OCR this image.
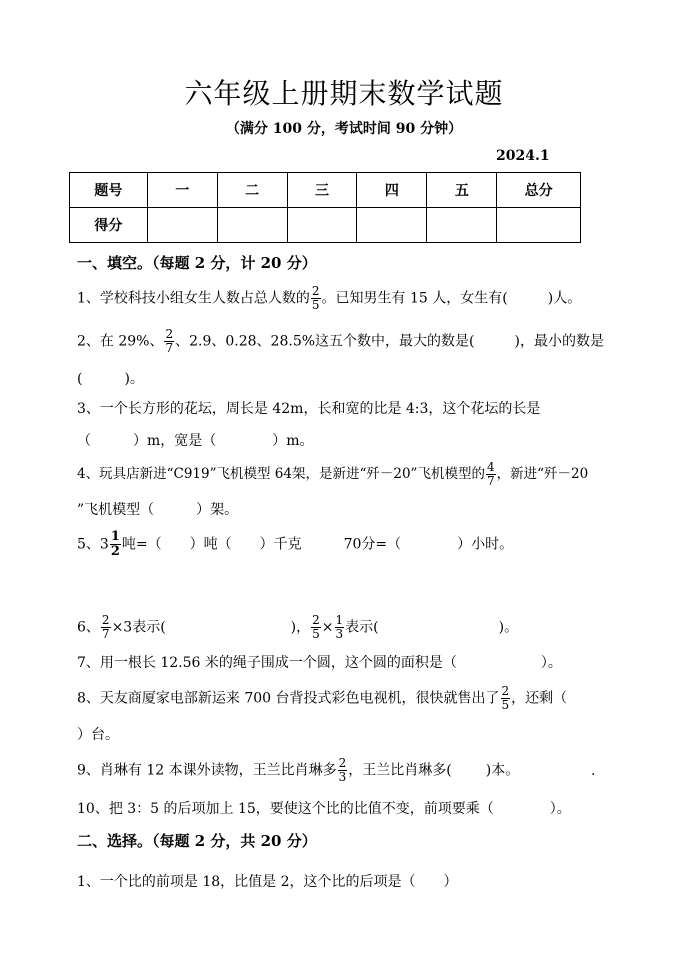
六年级上册期末数学试题
（满分 100 分，考试时间 90 分钟）
2024.1
题号	一	二	三	四	五	总分
得分						
一、填空。（每题 2 分，计 20 分）
1、学校科技小组女生人数占总人数的 $\frac{2}{5}$ 。已知男生有 15 人，女生有(	)人。
2、在 29%、 $\frac{2}{7}$ 、2.9、0.28、28.5%这五个数中，最大的数是(	)，最小的数是
(　　　)。
3、一个长方形的花坛，周长是 42m，长和宽的比是 4:3，这个花坛的长是
（　　　）m，宽是（　　　　）m。
4、玩具店新进“C919”飞机模型 64架，是新进“歼－20”飞机模型的 $\frac{4}{7}$ ，新进“歼－20
”飞机模型（　　　）架。
5、$3 \frac{1}{2}$ 吨=（　　）吨（　　）千克　　　70分=（　　　　）小时。
6、 $\frac{2}{7} \times 3$表示(	)， $\frac{2}{5} \times \frac{1}{3}$ 表示(	)。
7、用一根长 12.56 米的绳子围成一个圆，这个圆的面积是（　　　　　　）。
8、天友商厦家电部新运来 700 台背投式彩色电视机，很快就售出了 $\frac{2}{5}$ ，还剩（
）台。
9、肖琳有 12 本课外读物，王兰比肖琳多 $\frac{2}{3}$ ，王兰比肖琳多( )本。	.
10、把 3：5 的后项加上 15，要使这个比的比值不变，前项要乘（　　　　）。
二、选择。（每题 2 分，共 20 分）
1、一个比的前项是 18，比值是 2，这个比的后项是（　　）
